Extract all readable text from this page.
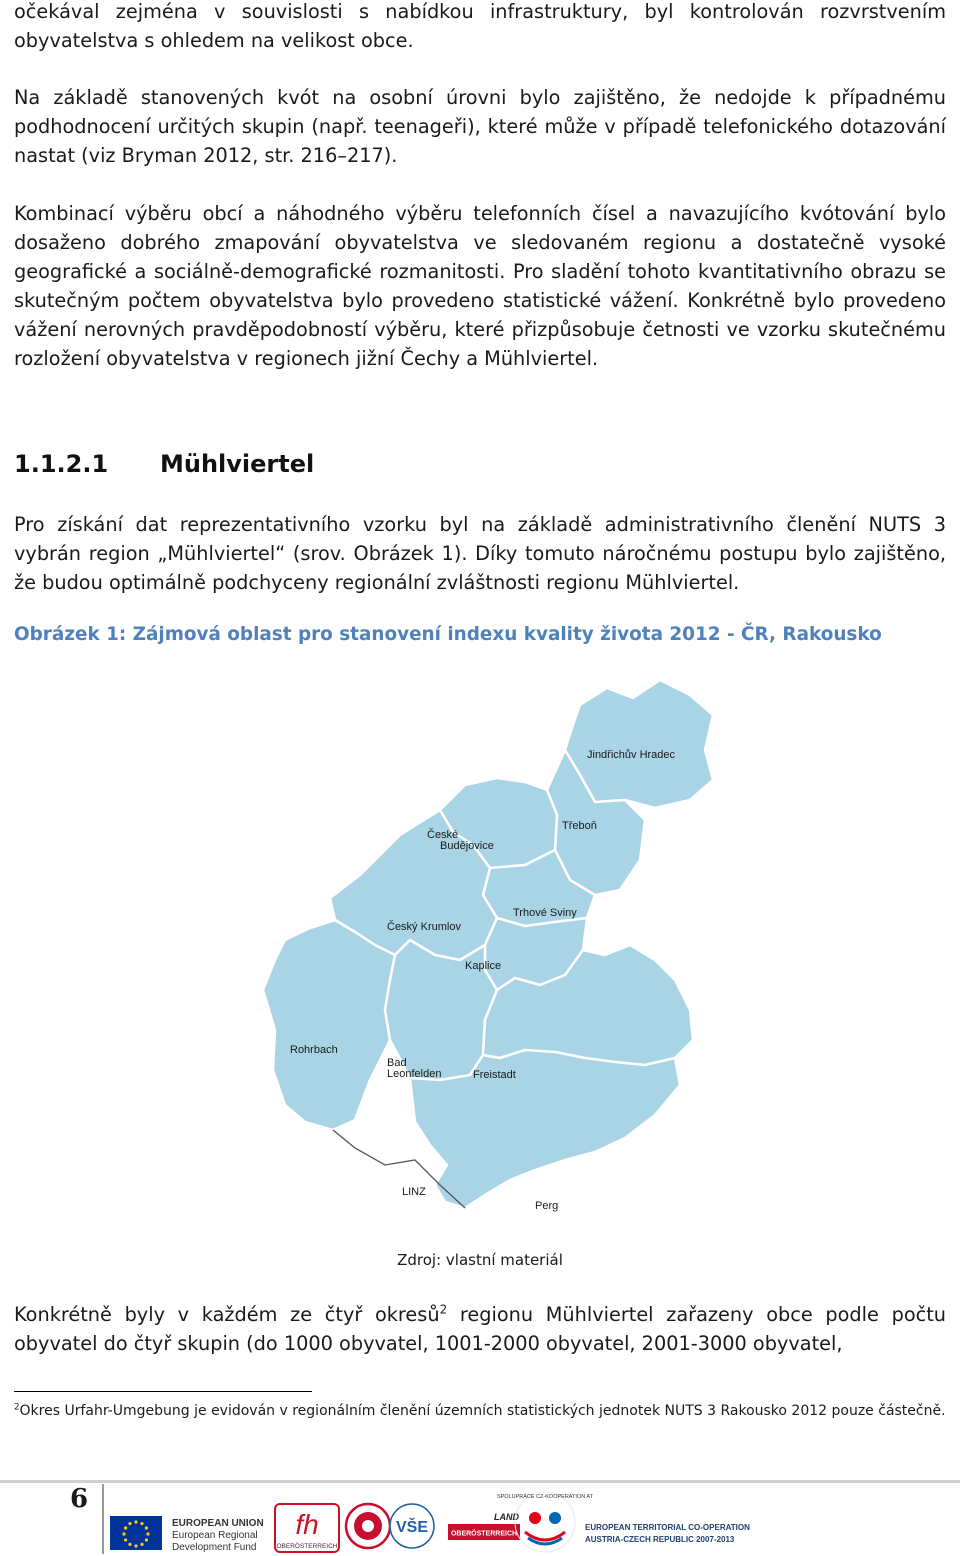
očekával zejména v souvislosti s nabídkou infrastruktury, byl kontrolován rozvrstvením obyvatelstva s ohledem na velikost obce.

Na základě stanovených kvót na osobní úrovni bylo zajištěno, že nedojde k případnému podhodnocení určitých skupin (např. teenageři), které může v případě telefonického dotazování nastat (viz Bryman 2012, str. 216–217).

Kombinací výběru obcí a náhodného výběru telefonních čísel a navazujícího kvótování bylo dosaženo dobrého zmapování obyvatelstva ve sledovaném regionu a dostatečně vysoké geografické a sociálně-demografické rozmanitosti. Pro sladění tohoto kvantitativního obrazu se skutečným počtem obyvatelstva bylo provedeno statistické vážení. Konkrétně bylo provedeno vážení nerovných pravděpodobností výběru, které přizpůsobuje četnosti ve vzorku skutečnému rozložení obyvatelstva v regionech jižní Čechy a Mühlviertel.

1.1.2.1 Mühlviertel

Pro získání dat reprezentativního vzorku byl na základě administrativního členění NUTS 3 vybrán region „Mühlviertel“ (srov. Obrázek 1). Díky tomuto náročnému postupu bylo zajištěno, že budou optimálně podchyceny regionální zvláštnosti regionu Mühlviertel.

Obrázek 1: Zájmová oblast pro stanovení indexu kvality života 2012 - ČR, Rakousko

Jindřichův Hradec
České
Budějovice
Třeboň
Trhové Sviny
Český Krumlov
Kaplice
Rohrbach
Bad
Leonfelden	Freistadt
LINZ
Perg

Zdroj: vlastní materiál

Konkrétně byly v každém ze čtyř okresů$^2$ regionu Mühlviertel zařazeny obce podle počtu obyvatel do čtyř skupin (do 1000 obyvatel, 1001-2000 obyvatel, 2001-3000 obyvatel,

$^2$Okres Urfahr-Umgebung je evidován v regionálním členění územních statistických jednotek NUTS 3 Rakousko 2012 pouze částečně.

6
EUROPEAN UNION
European Regional
Development Fund
fh
OBERÖSTERREICH
VŠE
LAND
OBERÖSTERREICH
SPOLUPRÁCE CZ-KOOPERATION AT
EUROPEAN TERRITORIAL CO-OPERATION
AUSTRIA-CZECH REPUBLIC 2007-2013
